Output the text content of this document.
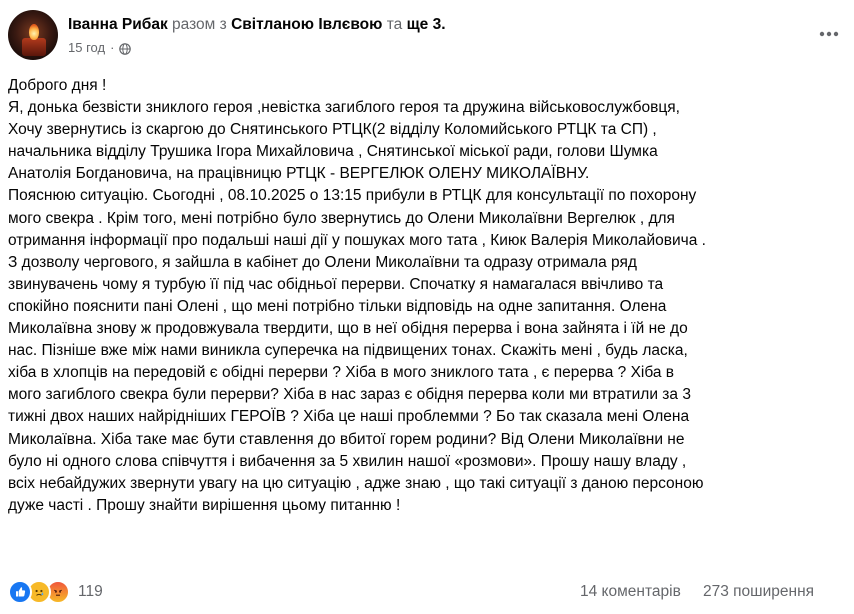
Іванна Рибак разом з Світланою Івлєвою та ще 3.
15 год ·
Доброго дня !
Я, донька безвісти зниклого героя ,невістка загиблого героя та дружина військовослужбовця,
Хочу звернутись із скаргою до Снятинського РТЦК(2 відділу Коломийського РТЦК та СП) ,
начальника відділу Трушика Ігора Михайловича , Снятинської міської ради, голови Шумка
Анатолія Богдановича, на працівницю РТЦК - ВЕРГЕЛЮК ОЛЕНУ МИКОЛАЇВНУ.
Пояснюю ситуацію. Сьогодні , 08.10.2025 о 13:15 прибули в РТЦК для консультації по похорону
мого свекра . Крім того, мені потрібно було звернутись до Олени Миколаївни Вергелюк , для
отримання інформації про подальші наші дії у пошуках мого тата , Киюк Валерія Миколайовича .
З дозволу чергового, я зайшла в кабінет до Олени Миколаївни та одразу отримала ряд
звинувачень чому я турбую її під час обідньої перерви. Спочатку я намагалася ввічливо та
спокійно пояснити пані Олені , що мені потрібно тільки відповідь на одне запитання. Олена
Миколаївна знову ж продовжувала твердити, що в неї обідня перерва і вона зайнята і їй не до
нас. Пізніше вже між нами виникла суперечка на підвищених тонах. Скажіть мені , будь ласка,
хіба в хлопців на передовій є обідні перерви ? Хіба в мого зниклого тата , є перерва ? Хіба в
мого загиблого свекра були перерви? Хіба в нас зараз є обідня перерва коли ми втратили за 3
тижні двох наших найрідніших ГЕРОЇВ ? Хіба це наші проблемми ? Бо так сказала мені Олена
Миколаївна. Хіба таке має бути ставлення до вбитої горем родини? Від Олени Миколаївни не
було ні одного слова співчуття і вибачення за 5 хвилин нашої «розмови». Прошу нашу владу ,
всіх небайдужих звернути увагу на цю ситуацію , адже знаю , що такі ситуації з даною персоною
дуже часті . Прошу знайти вирішення цьому питанню !
119	14 коментарів 273 поширення
